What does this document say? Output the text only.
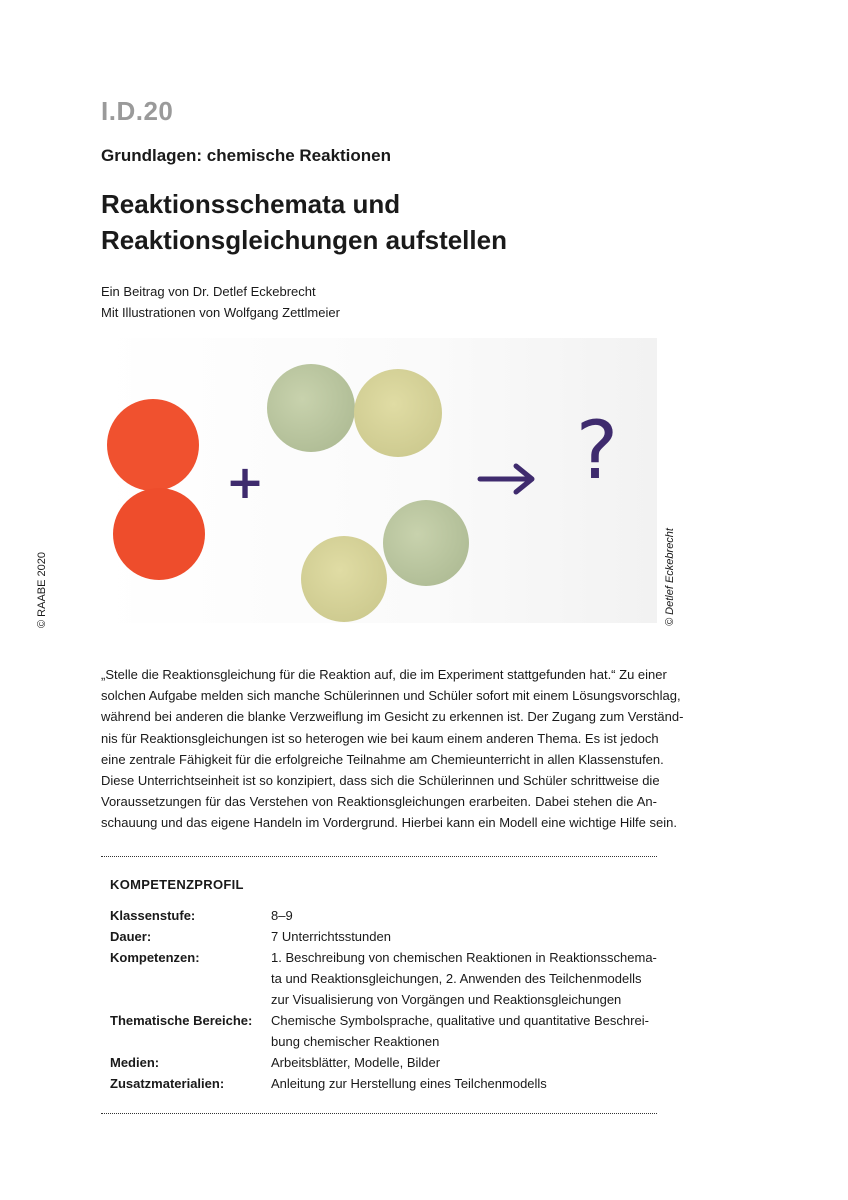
I.D.20
Grundlagen: chemische Reaktionen
Reaktionsschemata und
Reaktionsgleichungen aufstellen
Ein Beitrag von Dr. Detlef Eckebrecht
Mit Illustrationen von Wolfgang Zettlmeier
+	?
© Detlef Eckebrecht
© RAABE 2020
„Stelle die Reaktionsgleichung für die Reaktion auf, die im Experiment stattgefunden hat.“ Zu einer
solchen Aufgabe melden sich manche Schülerinnen und Schüler sofort mit einem Lösungsvorschlag,
während bei anderen die blanke Verzweiflung im Gesicht zu erkennen ist. Der Zugang zum Verständ-
nis für Reaktionsgleichungen ist so heterogen wie bei kaum einem anderen Thema. Es ist jedoch
eine zentrale Fähigkeit für die erfolgreiche Teilnahme am Chemieunterricht in allen Klassenstufen.
Diese Unterrichtseinheit ist so konzipiert, dass sich die Schülerinnen und Schüler schrittweise die
Voraussetzungen für das Verstehen von Reaktionsgleichungen erarbeiten. Dabei stehen die An-
schauung und das eigene Handeln im Vordergrund. Hierbei kann ein Modell eine wichtige Hilfe sein.
KOMPETENZPROFIL
Klassenstufe:	8–9
Dauer:	7 Unterrichtsstunden
Kompetenzen:	1. Beschreibung von chemischen Reaktionen in Reaktionsschema-
ta und Reaktionsgleichungen, 2. Anwenden des Teilchenmodells
zur Visualisierung von Vorgängen und Reaktionsgleichungen
Thematische Bereiche:	Chemische Symbolsprache, qualitative und quantitative Beschrei-
bung chemischer Reaktionen
Medien:	Arbeitsblätter, Modelle, Bilder
Zusatzmaterialien:	Anleitung zur Herstellung eines Teilchenmodells
